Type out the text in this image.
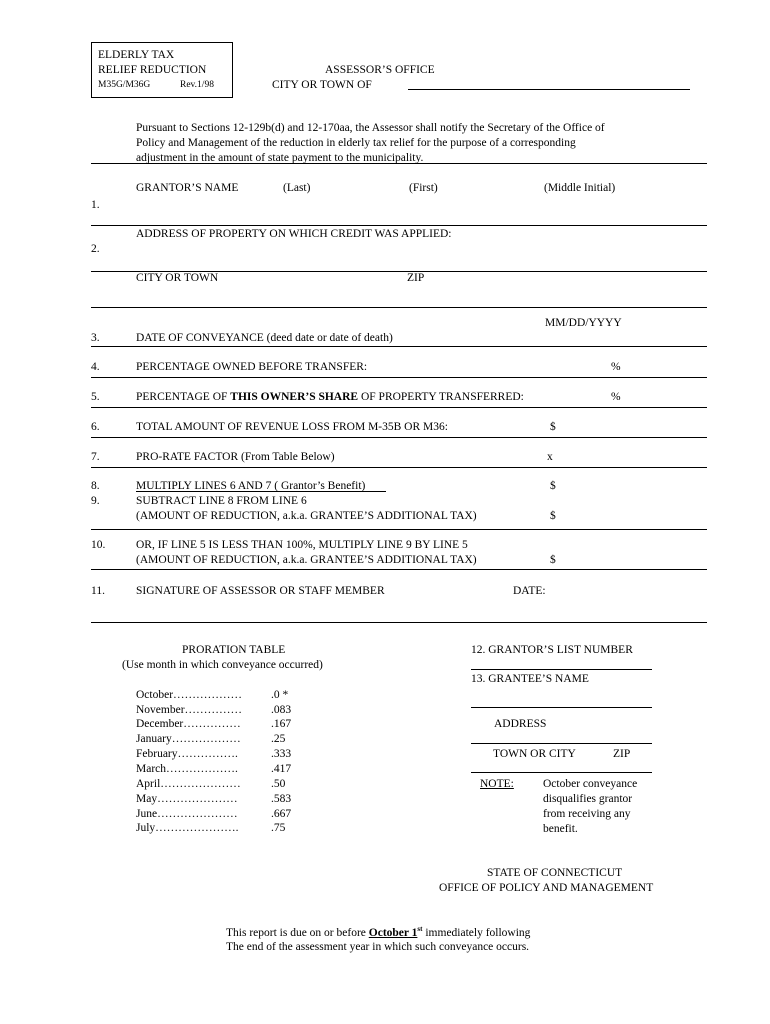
ELDERLY TAX
RELIEF REDUCTION
M35G/M36G	Rev.1/98
ASSESSOR’S OFFICE
CITY OR TOWN OF
Pursuant to Sections 12-129b(d) and 12-170aa, the Assessor shall notify the Secretary of the Office of
Policy and Management of the reduction in elderly tax relief for the purpose of a corresponding
adjustment in the amount of state payment to the municipality.
GRANTOR’S NAME	(Last)	(First)	(Middle Initial)
1.
ADDRESS OF PROPERTY ON WHICH CREDIT WAS APPLIED:
2.
CITY OR TOWN	ZIP
MM/DD/YYYY
3.	DATE OF CONVEYANCE (deed date or date of death)
4.	PERCENTAGE OWNED BEFORE TRANSFER:	%
5.	PERCENTAGE OF THIS OWNER’S SHARE OF PROPERTY TRANSFERRED:	%
6.	TOTAL AMOUNT OF REVENUE LOSS FROM M-35B OR M36:	$
7.	PRO-RATE FACTOR (From Table Below)	x
8.	MULTIPLY LINES 6 AND 7 ( Grantor’s Benefit)	$
9.	SUBTRACT LINE 8 FROM LINE 6
(AMOUNT OF REDUCTION, a.k.a. GRANTEE’S ADDITIONAL TAX)	$
10.	OR, IF LINE 5 IS LESS THAN 100%, MULTIPLY LINE 9 BY LINE 5
(AMOUNT OF REDUCTION, a.k.a. GRANTEE’S ADDITIONAL TAX)	$
11.	SIGNATURE OF ASSESSOR OR STAFF MEMBER	DATE:
PRORATION TABLE
(Use month in which conveyance occurred)
October………………	.0 *
November……………	.083
December……………	.167
January………………	.25
February…………….	.333
March……………….	.417
April…………………	.50
May…………………	.583
June…………………	.667
July………………….	.75
12. GRANTOR’S LIST NUMBER
13. GRANTEE’S NAME
ADDRESS
TOWN OR CITY	ZIP
NOTE:	October conveyance
disqualifies grantor
from receiving any
benefit.
STATE OF CONNECTICUT
OFFICE OF POLICY AND MANAGEMENT
This report is due on or before October 1st immediately following
The end of the assessment year in which such conveyance occurs.
